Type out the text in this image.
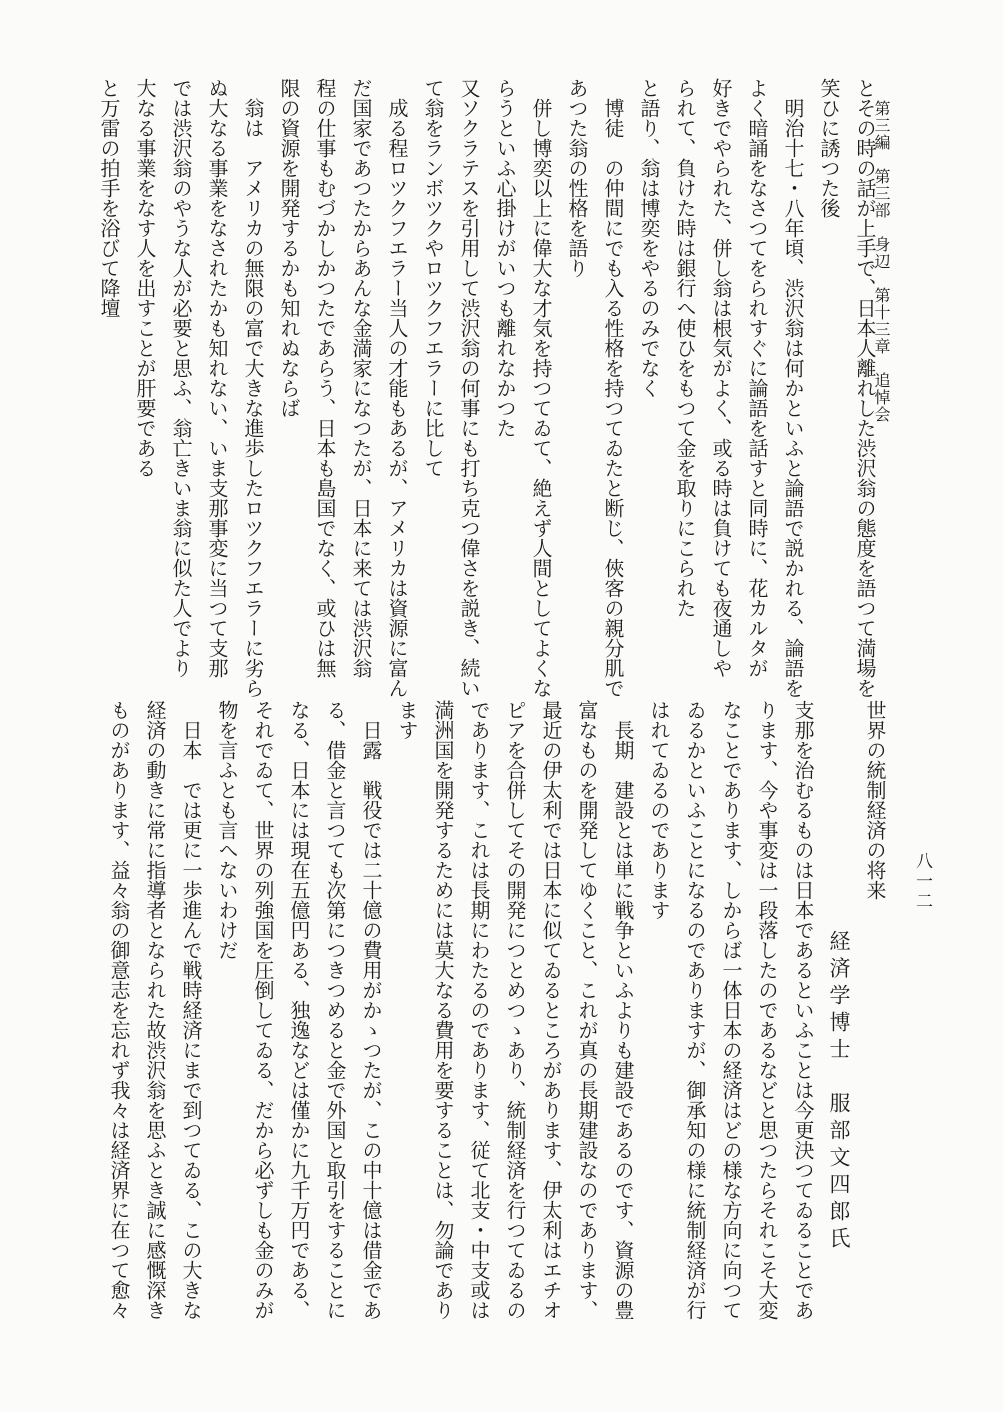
第三編　第三部　身辺　第十三章　追悼会
八一二

とその時の話が上手で、日本人離れした渋沢翁の態度を語つて満場を

笑ひに誘つた後

　明治十七・八年頃、渋沢翁は何かといふと論語で説かれる、論語を

よく暗誦をなさつてをられすぐに論語を話すと同時に、花カルタが

好きでやられた、併し翁は根気がよく、或る時は負けても夜通しや

られて、負けた時は銀行へ使ひをもつて金を取りにこられた

と語り、翁は博奕をやるのみでなく

　博徒　の仲間にでも入る性格を持つてゐたと断じ、俠客の親分肌で

あつた翁の性格を語り

　併し博奕以上に偉大な才気を持つてゐて、絶えず人間としてよくな

らうといふ心掛けがいつも離れなかつた

又ソクラテスを引用して渋沢翁の何事にも打ち克つ偉さを説き、続い

て翁をランボツクやロツクフエラーに比して

　成る程ロツクフエラー当人の才能もあるが、アメリカは資源に富ん

だ国家であつたからあんな金満家になつたが、日本に来ては渋沢翁

程の仕事もむづかしかつたであらう、日本も島国でなく、或ひは無

限の資源を開発するかも知れぬならば

　翁は　アメリカの無限の富で大きな進歩したロツクフエラーに劣ら

ぬ大なる事業をなされたかも知れない、いま支那事変に当つて支那

では渋沢翁のやうな人が必要と思ふ、翁亡きいま翁に似た人でより

大なる事業をなす人を出すことが肝要である

と万雷の拍手を浴びて降壇

世界の統制経済の将来

経済学博士　服部文四郎氏

支那を治むるものは日本であるといふことは今更決つてゐることであ

ります、今や事変は一段落したのであるなどと思つたらそれこそ大変

なことであります、しからば一体日本の経済はどの様な方向に向つて

ゐるかといふことになるのでありますが、御承知の様に統制経済が行

はれてゐるのであります

　長期　建設とは単に戦争といふよりも建設であるのです、資源の豊

富なものを開発してゆくこと、これが真の長期建設なのであります、

最近の伊太利では日本に似てゐるところがあります、伊太利はエチオ

ピアを合併してその開発につとめつゝあり、統制経済を行つてゐるの

であります、これは長期にわたるのであります、従て北支・中支或は

満洲国を開発するためには莫大なる費用を要することは、勿論であり

ます

　日露　戦役では二十億の費用がかゝつたが、この中十億は借金であ

る、借金と言つても次第につきつめると金で外国と取引をすることに

なる、日本には現在五億円ある、独逸などは僅かに九千万円である、

それでゐて、世界の列強国を圧倒してゐる、だから必ずしも金のみが

物を言ふとも言へないわけだ

　日本　では更に一歩進んで戦時経済にまで到つてゐる、この大きな

経済の動きに常に指導者となられた故渋沢翁を思ふとき誠に感慨深き

ものがあります、益々翁の御意志を忘れず我々は経済界に在つて愈々
